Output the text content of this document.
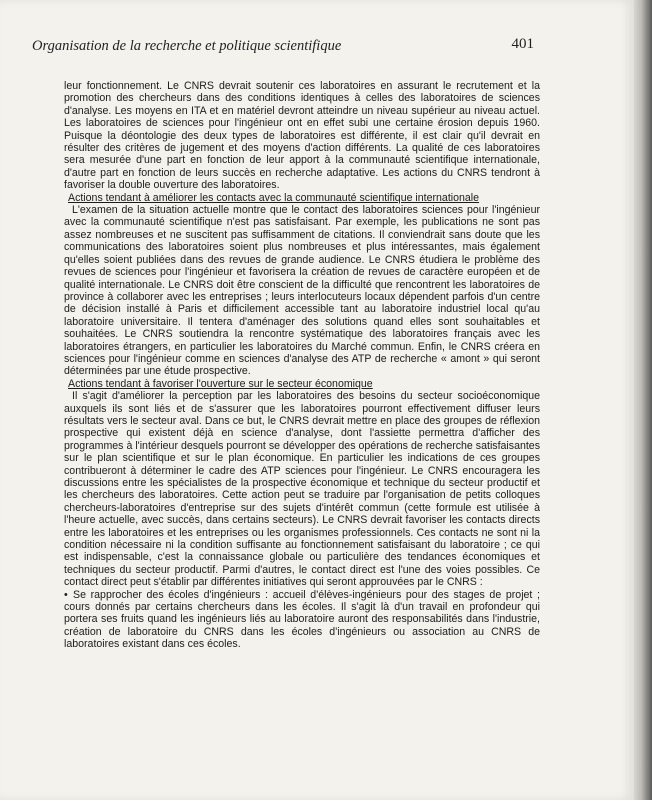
Organisation de la recherche et politique scientifique	401

leur fonctionnement. Le CNRS devrait soutenir ces laboratoires en assurant le recrutement et la promotion des chercheurs dans des conditions identiques à celles des laboratoires de sciences d'analyse. Les moyens en ITA et en matériel devront atteindre un niveau supérieur au niveau actuel. Les laboratoires de sciences pour l'ingénieur ont en effet subi une certaine érosion depuis 1960. Puisque la déontologie des deux types de laboratoires est différente, il est clair qu'il devrait en résulter des critères de jugement et des moyens d'action différents. La qualité de ces laboratoires sera mesurée d'une part en fonction de leur apport à la communauté scientifique internationale, d'autre part en fonction de leurs succès en recherche adaptative. Les actions du CNRS tendront à favoriser la double ouverture des laboratoires.

Actions tendant à améliorer les contacts avec la communauté scientifique internationale

L'examen de la situation actuelle montre que le contact des laboratoires sciences pour l'ingénieur avec la communauté scientifique n'est pas satisfaisant. Par exemple, les publications ne sont pas assez nombreuses et ne suscitent pas suffisamment de citations. Il conviendrait sans doute que les communications des laboratoires soient plus nombreuses et plus intéressantes, mais également qu'elles soient publiées dans des revues de grande audience. Le CNRS étudiera le problème des revues de sciences pour l'ingénieur et favorisera la création de revues de caractère européen et de qualité internationale. Le CNRS doit être conscient de la difficulté que rencontrent les laboratoires de province à collaborer avec les entreprises ; leurs interlocuteurs locaux dépendent parfois d'un centre de décision installé à Paris et difficilement accessible tant au laboratoire industriel local qu'au laboratoire universitaire. Il tentera d'aménager des solutions quand elles sont souhaitables et souhaitées. Le CNRS soutiendra la rencontre systématique des laboratoires français avec les laboratoires étrangers, en particulier les laboratoires du Marché commun. Enfin, le CNRS créera en sciences pour l'ingénieur comme en sciences d'analyse des ATP de recherche « amont » qui seront déterminées par une étude prospective.

Actions tendant à favoriser l'ouverture sur le secteur économique

Il s'agit d'améliorer la perception par les laboratoires des besoins du secteur socioéconomique auxquels ils sont liés et de s'assurer que les laboratoires pourront effectivement diffuser leurs résultats vers le secteur aval. Dans ce but, le CNRS devrait mettre en place des groupes de réflexion prospective qui existent déjà en science d'analyse, dont l'assiette permettra d'afficher des programmes à l'intérieur desquels pourront se développer des opérations de recherche satisfaisantes sur le plan scientifique et sur le plan économique. En particulier les indications de ces groupes contribueront à déterminer le cadre des ATP sciences pour l'ingénieur. Le CNRS encouragera les discussions entre les spécialistes de la prospective économique et technique du secteur productif et les chercheurs des laboratoires. Cette action peut se traduire par l'organisation de petits colloques chercheurs-laboratoires d'entreprise sur des sujets d'intérêt commun (cette formule est utilisée à l'heure actuelle, avec succès, dans certains secteurs). Le CNRS devrait favoriser les contacts directs entre les laboratoires et les entreprises ou les organismes professionnels. Ces contacts ne sont ni la condition nécessaire ni la condition suffisante au fonctionnement satisfaisant du laboratoire ; ce qui est indispensable, c'est la connaissance globale ou particulière des tendances économiques et techniques du secteur productif. Parmi d'autres, le contact direct est l'une des voies possibles. Ce contact direct peut s'établir par différentes initiatives qui seront approuvées par le CNRS :

• Se rapprocher des écoles d'ingénieurs : accueil d'élèves-ingénieurs pour des stages de projet ; cours donnés par certains chercheurs dans les écoles. Il s'agit là d'un travail en profondeur qui portera ses fruits quand les ingénieurs liés au laboratoire auront des responsabilités dans l'industrie, création de laboratoire du CNRS dans les écoles d'ingénieurs ou association au CNRS de laboratoires existant dans ces écoles.
